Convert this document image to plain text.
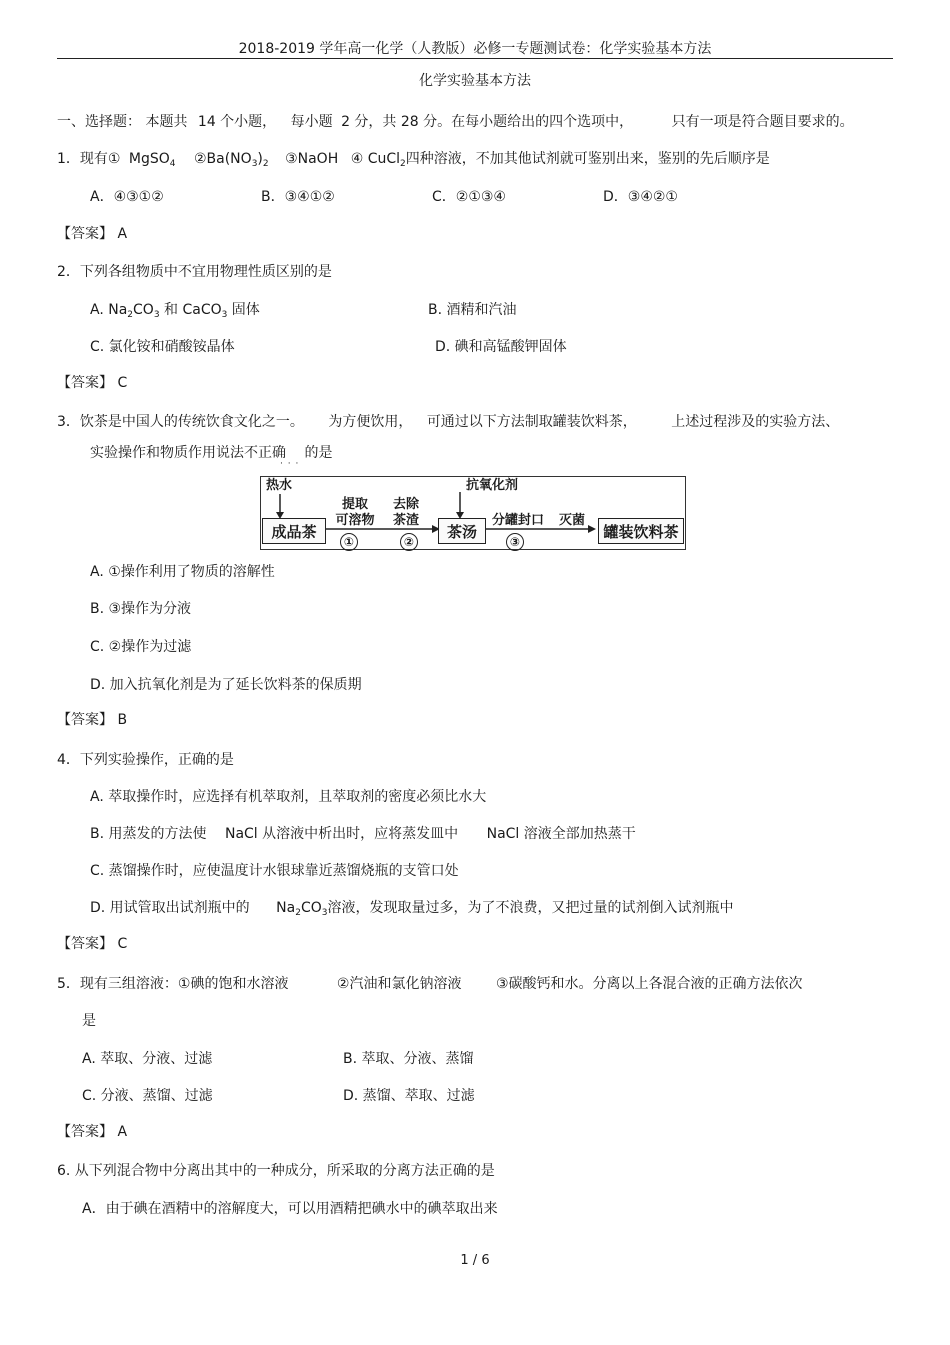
2018-2019 学年高一化学（人教版）必修一专题测试卷：化学实验基本方法
化学实验基本方法
一、选择题： 本题共 14 个小题， 每小题 2 分，共 28 分。在每小题给出的四个选项中，	只有一项是符合题目要求的。
1．现有① MgSO$_4$ $②Ba(NO_3)_2$ ③NaOH ④ CuCl$_2$四种溶液，不加其他试剂就可鉴别出来，鉴别的先后顺序是
A．④③①②	B．③④①②	C．②①③④	D．③④②①
【答案】 A
2．下列各组物质中不宜用物理性质区别的是
A. $Na_2CO_3$ 和 CaCO$_3$ 固体	B. 酒精和汽油
C. 氯化铵和硝酸铵晶体	D. 碘和高锰酸钾固体
【答案】 C
3．饮茶是中国人的传统饮食文化之一。 为方便饮用， 可通过以下方法制取罐装饮料茶， 上述过程涉及的实验方法、
实验操作和物质作用说法不正确 的是
· · ·
热水
成品茶
提取
可溶物
①
去除
茶渣
②
抗氧化剂
茶汤
分罐封口
③
灭菌
罐装饮料茶
A. ①操作利用了物质的溶解性
B. ③操作为分液
C. ②操作为过滤
D. 加入抗氧化剂是为了延长饮料茶的保质期
【答案】 B
4．下列实验操作，正确的是
A. 萃取操作时，应选择有机萃取剂，且萃取剂的密度必须比水大
B. 用蒸发的方法使 NaCl 从溶液中析出时，应将蒸发皿中 NaCl 溶液全部加热蒸干
C. 蒸馏操作时，应使温度计水银球靠近蒸馏烧瓶的支管口处
D. 用试管取出试剂瓶中的 $Na_2CO_3$溶液，发现取量过多，为了不浪费，又把过量的试剂倒入试剂瓶中
【答案】 C
5．现有三组溶液：①碘的饱和水溶液	②汽油和氯化钠溶液 ③碳酸钙和水。分离以上各混合液的正确方法依次
是
A. 萃取、分液、过滤	B. 萃取、分液、蒸馏
C. 分液、蒸馏、过滤	D. 蒸馏、萃取、过滤
【答案】 A
6. 从下列混合物中分离出其中的一种成分，所采取的分离方法正确的是
A．由于碘在酒精中的溶解度大，可以用酒精把碘水中的碘萃取出来
1 / 6
